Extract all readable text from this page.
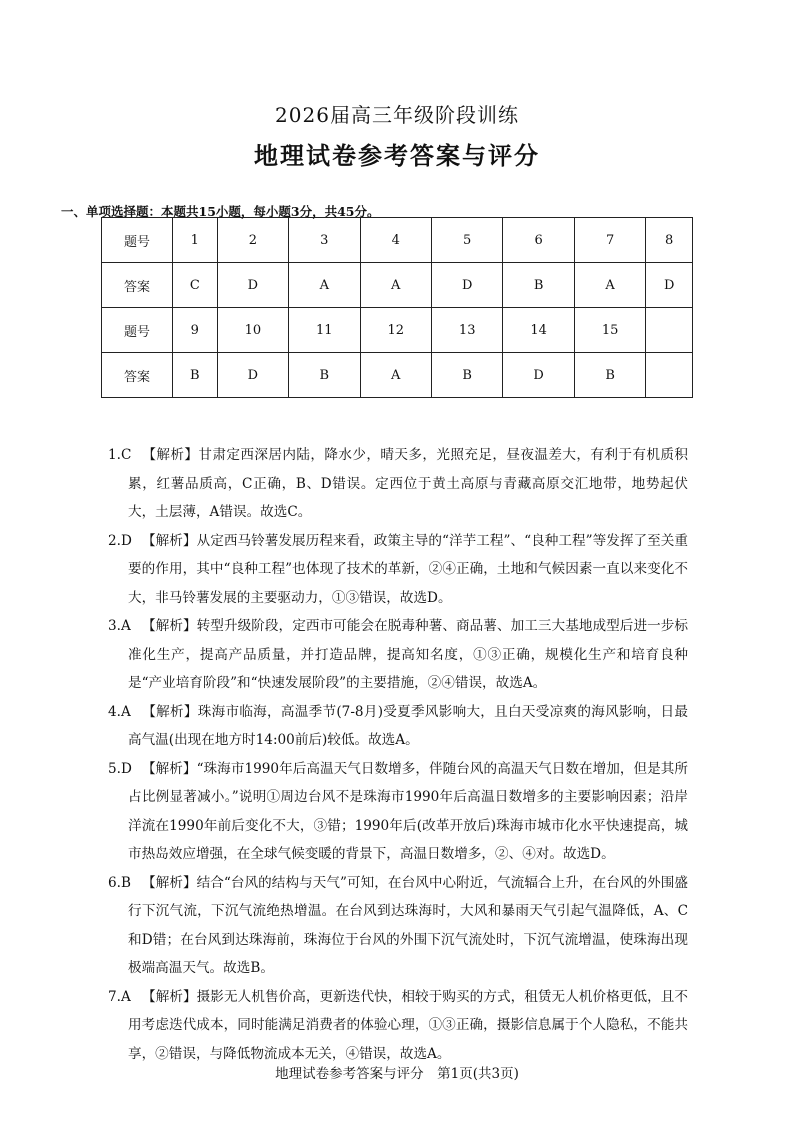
2026届高三年级阶段训练
地理试卷参考答案与评分
一、单项选择题：本题共15小题，每小题3分，共45分。
题号	1	2	3	4	5	6	7	8
答案	C	D	A	A	D	B	A	D
题号	9	10	11	12	13	14	15	
答案	B	D	B	A	B	D	B	

1.C 【解析】甘肃定西深居内陆，降水少，晴天多，光照充足，昼夜温差大，有利于有机质积累，红薯品质高，C正确，B、D错误。定西位于黄土高原与青藏高原交汇地带，地势起伏大，土层薄，A错误。故选C。

2.D 【解析】从定西马铃薯发展历程来看，政策主导的“洋芋工程”、“良种工程”等发挥了至关重要的作用，其中“良种工程”也体现了技术的革新，②④正确，土地和气候因素一直以来变化不大，非马铃薯发展的主要驱动力，①③错误，故选D。

3.A 【解析】转型升级阶段，定西市可能会在脱毒种薯、商品薯、加工三大基地成型后进一步标准化生产，提高产品质量，并打造品牌，提高知名度，①③正确，规模化生产和培育良种是“产业培育阶段”和“快速发展阶段”的主要措施，②④错误，故选A。

4.A 【解析】珠海市临海，高温季节(7-8月)受夏季风影响大，且白天受凉爽的海风影响，日最高气温(出现在地方时14:00前后)较低。故选A。

5.D 【解析】“珠海市1990年后高温天气日数增多，伴随台风的高温天气日数在增加，但是其所占比例显著减小。”说明①周边台风不是珠海市1990年后高温日数增多的主要影响因素；沿岸洋流在1990年前后变化不大，③错；1990年后(改革开放后)珠海市城市化水平快速提高，城市热岛效应增强，在全球气候变暖的背景下，高温日数增多，②、④对。故选D。

6.B 【解析】结合“台风的结构与天气”可知，在台风中心附近，气流辐合上升，在台风的外围盛行下沉气流，下沉气流绝热增温。在台风到达珠海时，大风和暴雨天气引起气温降低，A、C和D错；在台风到达珠海前，珠海位于台风的外围下沉气流处时，下沉气流增温，使珠海出现极端高温天气。故选B。

7.A 【解析】摄影无人机售价高，更新迭代快，相较于购买的方式，租赁无人机价格更低，且不用考虑迭代成本，同时能满足消费者的体验心理，①③正确，摄影信息属于个人隐私，不能共享，②错误，与降低物流成本无关，④错误，故选A。

地理试卷参考答案与评分　第1页(共3页)
